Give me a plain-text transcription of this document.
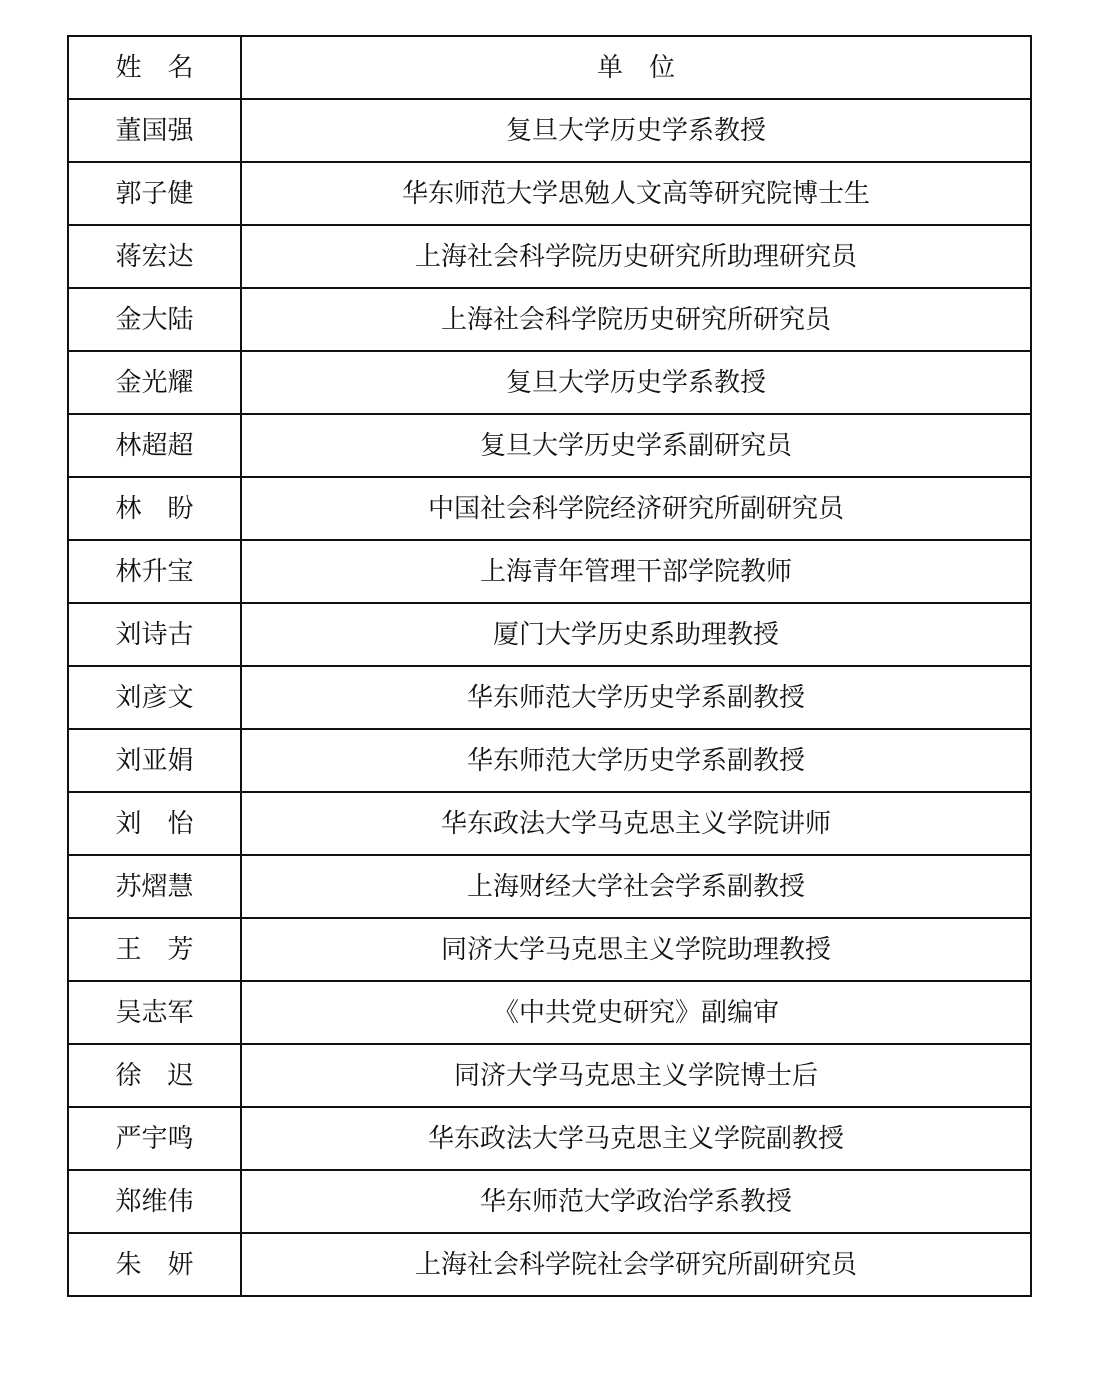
姓　名	单　位
董国强	复旦大学历史学系教授
郭子健	华东师范大学思勉人文高等研究院博士生
蒋宏达	上海社会科学院历史研究所助理研究员
金大陆	上海社会科学院历史研究所研究员
金光耀	复旦大学历史学系教授
林超超	复旦大学历史学系副研究员
林　盼	中国社会科学院经济研究所副研究员
林升宝	上海青年管理干部学院教师
刘诗古	厦门大学历史系助理教授
刘彦文	华东师范大学历史学系副教授
刘亚娟	华东师范大学历史学系副教授
刘　怡	华东政法大学马克思主义学院讲师
苏熠慧	上海财经大学社会学系副教授
王　芳	同济大学马克思主义学院助理教授
吴志军	《中共党史研究》副编审
徐　迟	同济大学马克思主义学院博士后
严宇鸣	华东政法大学马克思主义学院副教授
郑维伟	华东师范大学政治学系教授
朱　妍	上海社会科学院社会学研究所副研究员
